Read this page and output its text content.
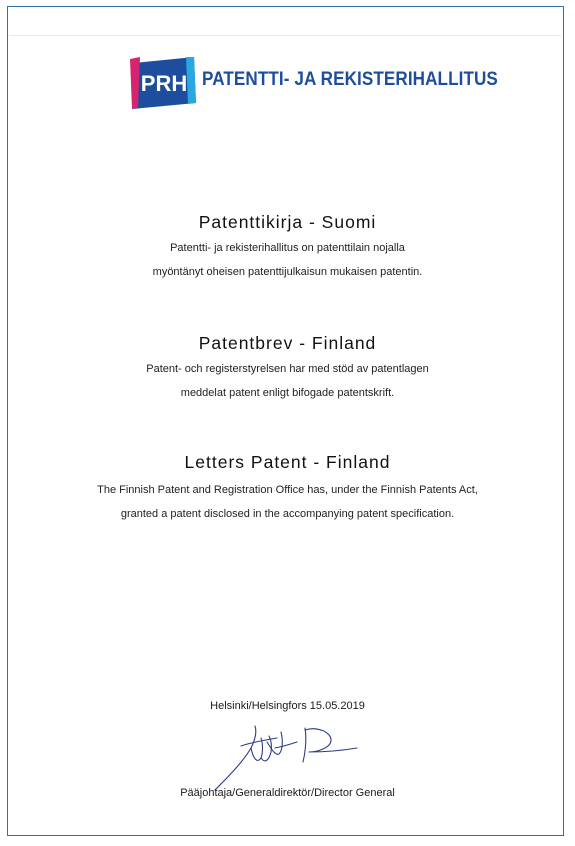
PRH PATENTTI- JA REKISTERIHALLITUS

Patenttikirja - Suomi

Patentti- ja rekisterihallitus on patenttilain nojalla

myöntänyt oheisen patenttijulkaisun mukaisen patentin.

Patentbrev - Finland

Patent- och registerstyrelsen har med stöd av patentlagen

meddelat patent enligt bifogade patentskrift.

Letters Patent - Finland

The Finnish Patent and Registration Office has, under the Finnish Patents Act,

granted a patent disclosed in the accompanying patent specification.

Helsinki/Helsingfors 15.05.2019
Pääjohtaja/Generaldirektör/Director General
